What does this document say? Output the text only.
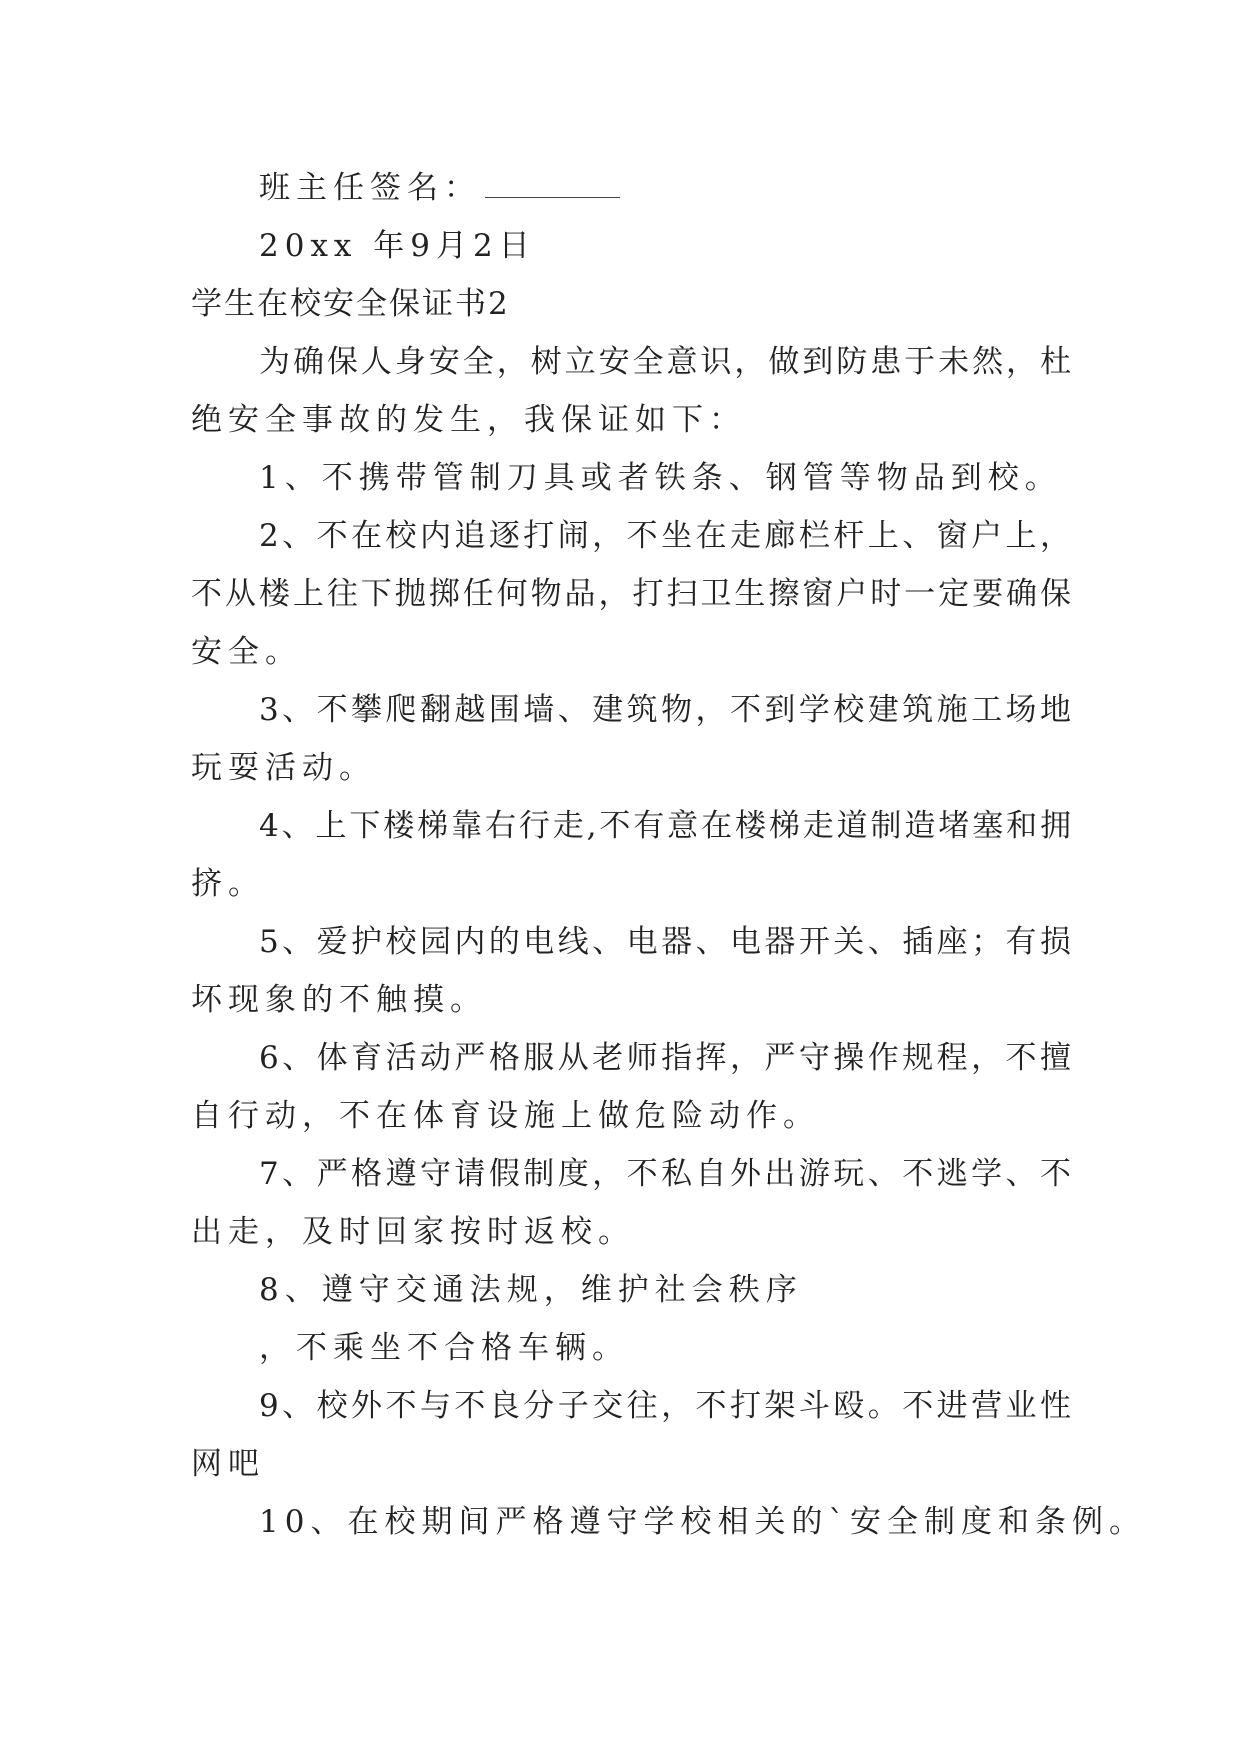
班主任签名：
20xx 年9月2日
学生在校安全保证书2
为确保人身安全，树立安全意识，做到防患于未然，杜
绝安全事故的发生，我保证如下：
1、不携带管制刀具或者铁条、钢管等物品到校。
2、不在校内追逐打闹，不坐在走廊栏杆上、窗户上，
不从楼上往下抛掷任何物品，打扫卫生擦窗户时一定要确保
安全。
3、不攀爬翻越围墙、建筑物，不到学校建筑施工场地
玩耍活动。
4、上下楼梯靠右行走,不有意在楼梯走道制造堵塞和拥
挤。
5、爱护校园内的电线、电器、电器开关、插座；有损
坏现象的不触摸。
6、体育活动严格服从老师指挥，严守操作规程，不擅
自行动，不在体育设施上做危险动作。
7、严格遵守请假制度，不私自外出游玩、不逃学、不
出走，及时回家按时返校。
8、遵守交通法规，维护社会秩序
，不乘坐不合格车辆。
9、校外不与不良分子交往，不打架斗殴。不进营业性
网吧
10、在校期间严格遵守学校相关的`安全制度和条例。
